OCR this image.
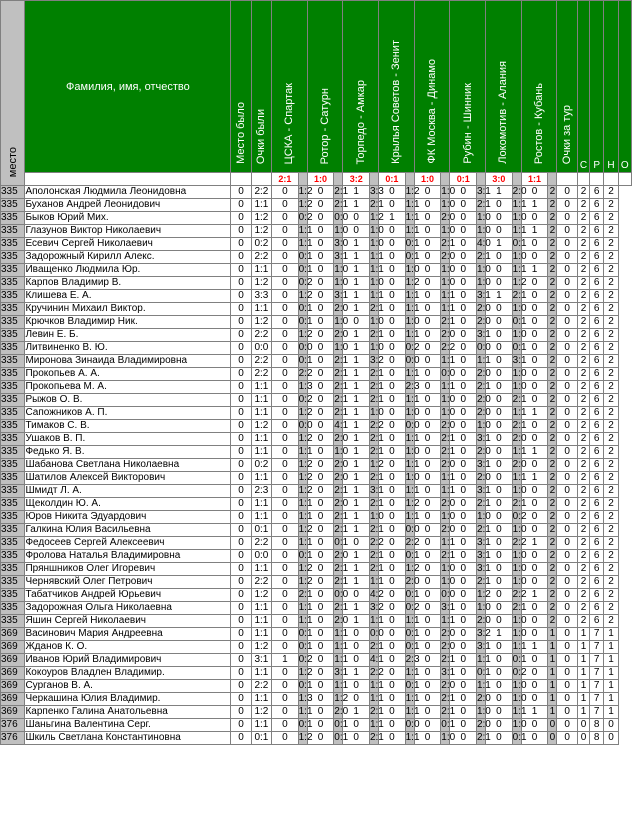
место	Фамилия, имя, отчество	Место было	Очки были	ЦСКА - Спартак		Ротор - Сатурн		Торпедо - Амкар		Крылья Советов - Зенит		ФК Москва - Динамо		Рубин - Шинник		Локомотив - Алания		Ростов - Кубань		Очки за тур	С	Р	Н	О
				2:1		1:0		3:2		0:1		1:0		0:1		3:0		1:1						
335	Аполонская Людмила Леонидовна	0	2:2	0	1:2	0	2:1	1	3:3	0	1:2	0	1:0	0	3:1	1	2:0	0	2	0	2	6	2	
335	Буханов Андрей Леонидович	0	1:1	0	1:2	0	2:1	1	2:1	0	1:1	0	1:0	0	2:1	0	1:1	1	2	0	2	6	2	
335	Быков Юрий Мих.	0	1:2	0	0:2	0	0:0	0	1:2	1	1:1	0	2:0	0	1:0	0	1:0	0	2	0	2	6	2	
335	Глазунов Виктор Николаевич	0	1:2	0	1:1	0	1:0	0	1:0	0	1:1	0	1:0	0	1:0	0	1:1	1	2	0	2	6	2	
335	Есевич Сергей Николаевич	0	0:2	0	1:1	0	3:0	1	1:0	0	0:1	0	2:1	0	4:0	1	0:1	0	2	0	2	6	2	
335	Задорожный Кирилл Алекс.	0	2:2	0	0:1	0	3:1	1	1:1	0	0:1	0	2:0	0	2:1	0	1:0	0	2	0	2	6	2	
335	Ивaщенко Людмила Юр.	0	1:1	0	0:1	0	1:0	1	1:1	0	1:0	0	1:0	0	1:0	0	1:1	1	2	0	2	6	2	
335	Карпов Владимир В.	0	1:2	0	0:2	0	1:0	1	1:0	0	1:2	0	1:0	0	1:0	0	1:2	0	2	0	2	6	2	
335	Клишева Е. А.	0	3:3	0	1:2	0	3:1	1	1:1	0	1:1	0	1:1	0	3:1	1	2:1	0	2	0	2	6	2	
335	Кручинин Михаил Виктор.	0	1:1	0	0:1	0	2:0	1	2:1	0	1:1	0	1:1	0	2:0	0	1:0	0	2	0	2	6	2	
335	Крючков Владимир Ник.	0	1:2	0	0:1	0	1:0	0	1:0	0	1:0	0	2:1	0	2:0	0	0:1	0	2	0	2	6	2	
335	Левин Е. Б.	0	2:2	0	1:2	0	2:0	1	2:1	0	1:1	0	2:0	0	3:1	0	1:0	0	2	0	2	6	2	
335	Литвиненко В. Ю.	0	0:0	0	0:0	0	1:0	1	1:0	0	0:2	0	2:2	0	0:0	0	0:1	0	2	0	2	6	2	
335	Миронова Зинаида Владимировна	0	2:2	0	0:1	0	2:1	1	3:2	0	0:0	0	1:1	0	1:1	0	3:1	0	2	0	2	6	2	
335	Прокопьев А. А.	0	2:2	0	2:2	0	2:1	1	2:1	0	1:1	0	0:0	0	2:0	0	1:0	0	2	0	2	6	2	
335	Прокопьева М. А.	0	1:1	0	1:3	0	2:1	1	2:1	0	2:3	0	1:1	0	2:1	0	1:0	0	2	0	2	6	2	
335	Рыжов О. В.	0	1:1	0	0:2	0	2:1	1	2:1	0	1:1	0	1:0	0	2:0	0	2:1	0	2	0	2	6	2	
335	Сапожников А. П.	0	1:1	0	1:2	0	2:1	1	1:0	0	1:0	0	1:0	0	2:0	0	1:1	1	2	0	2	6	2	
335	Тимаков С. В.	0	1:2	0	0:0	0	4:1	1	2:2	0	0:0	0	2:0	0	1:0	0	2:1	0	2	0	2	6	2	
335	Ушаков В. П.	0	1:1	0	1:2	0	2:0	1	2:1	0	1:1	0	2:1	0	3:1	0	2:0	0	2	0	2	6	2	
335	Федько Я. В.	0	1:1	0	1:1	0	1:0	1	2:1	0	1:0	0	2:1	0	2:0	0	1:1	1	2	0	2	6	2	
335	Шабанова Светлана Николаевна	0	0:2	0	1:2	0	2:0	1	1:2	0	1:1	0	2:0	0	3:1	0	2:0	0	2	0	2	6	2	
335	Шатилов Алексей Викторович	0	1:1	0	1:2	0	2:0	1	2:1	0	1:0	0	1:1	0	2:0	0	1:1	1	2	0	2	6	2	
335	Шмидт Л. А.	0	2:3	0	1:2	0	2:1	1	3:1	0	1:1	0	1:1	0	3:1	0	1:0	0	2	0	2	6	2	
335	Щеколдин Ю. А.	0	1:1	0	1:1	0	2:0	1	2:1	0	1:2	0	2:0	0	2:1	0	2:1	0	2	0	2	6	2	
335	Юров Никита Эдуардович	0	1:1	0	1:1	0	2:1	1	1:0	0	1:1	0	1:0	0	1:0	0	0:2	0	2	0	2	6	2	
335	Галкина Юлия Васильевна	0	0:1	0	1:2	0	2:1	1	2:1	0	0:0	0	2:0	0	2:1	0	1:0	0	2	0	2	6	2	
335	Федосеев Сергей Алексеевич	0	2:2	0	1:1	0	0:1	0	2:2	0	2:2	0	1:1	0	3:1	0	2:2	1	2	0	2	6	2	
335	Фролова Наталья Владимировна	0	0:0	0	0:1	0	2:0	1	2:1	0	0:1	0	2:1	0	3:1	0	1:0	0	2	0	2	6	2	
335	Пряншников Олег Игоревич	0	1:1	0	1:2	0	2:1	1	2:1	0	1:2	0	1:0	0	3:1	0	1:0	0	2	0	2	6	2	
335	Чернявский Олег Петрович	0	2:2	0	1:2	0	2:1	1	1:1	0	2:0	0	1:0	0	2:1	0	1:0	0	2	0	2	6	2	
335	Табатчиков Андрей Юрьевич	0	1:2	0	2:1	0	0:0	0	4:2	0	0:1	0	0:0	0	1:2	0	2:2	1	2	0	2	6	2	
335	Задорожная Ольга Николаевна	0	1:1	0	1:1	0	2:1	1	3:2	0	0:2	0	3:1	0	1:0	0	2:1	0	2	0	2	6	2	
335	Яшин Сергей Николаевич	0	1:1	0	1:1	0	2:0	1	1:1	0	1:1	0	1:1	0	2:0	0	1:0	0	2	0	2	6	2	
369	Васинович Мария Андреевна	0	1:1	0	0:1	0	1:1	0	0:0	0	0:1	0	2:0	0	3:2	1	1:0	0	1	0	1	7	1	
369	Жданов К. О.	0	1:2	0	0:1	0	1:1	0	2:1	0	0:1	0	2:0	0	3:1	0	1:1	1	1	0	1	7	1	
369	Иванов Юрий Владимирович	0	3:1	1	0:2	0	1:1	0	4:1	0	2:3	0	2:1	0	1:1	0	0:1	0	1	0	1	7	1	
369	Кокоуров Владлен Владимир.	0	1:1	0	1:2	0	3:1	1	2:2	0	1:1	0	3:1	0	0:1	0	0:2	0	1	0	1	7	1	
369	Сурганов В. А.	0	2:2	0	0:1	0	1:1	0	1:1	0	0:1	0	2:0	0	1:1	0	1:0	0	1	0	1	7	1	
369	Черкашина Юлия Владимир.	0	1:1	0	1:3	0	1:2	0	1:1	0	1:1	0	2:1	0	2:0	0	1:0	0	1	0	1	7	1	
369	Карпенко Галина Анатольевна	0	1:2	0	1:1	0	2:0	1	2:1	0	1:1	0	2:1	0	1:0	0	1:1	1	1	0	1	7	1	
376	Шаньгина Валентина Серг.	0	1:1	0	0:1	0	0:1	0	1:1	0	0:0	0	0:1	0	2:0	0	1:0	0	0	0	0	8	0	
376	Шкиль Светлана Константиновна	0	0:1	0	1:2	0	0:1	0	2:1	0	1:1	0	1:0	0	2:1	0	0:1	0	0	0	0	8	0	
